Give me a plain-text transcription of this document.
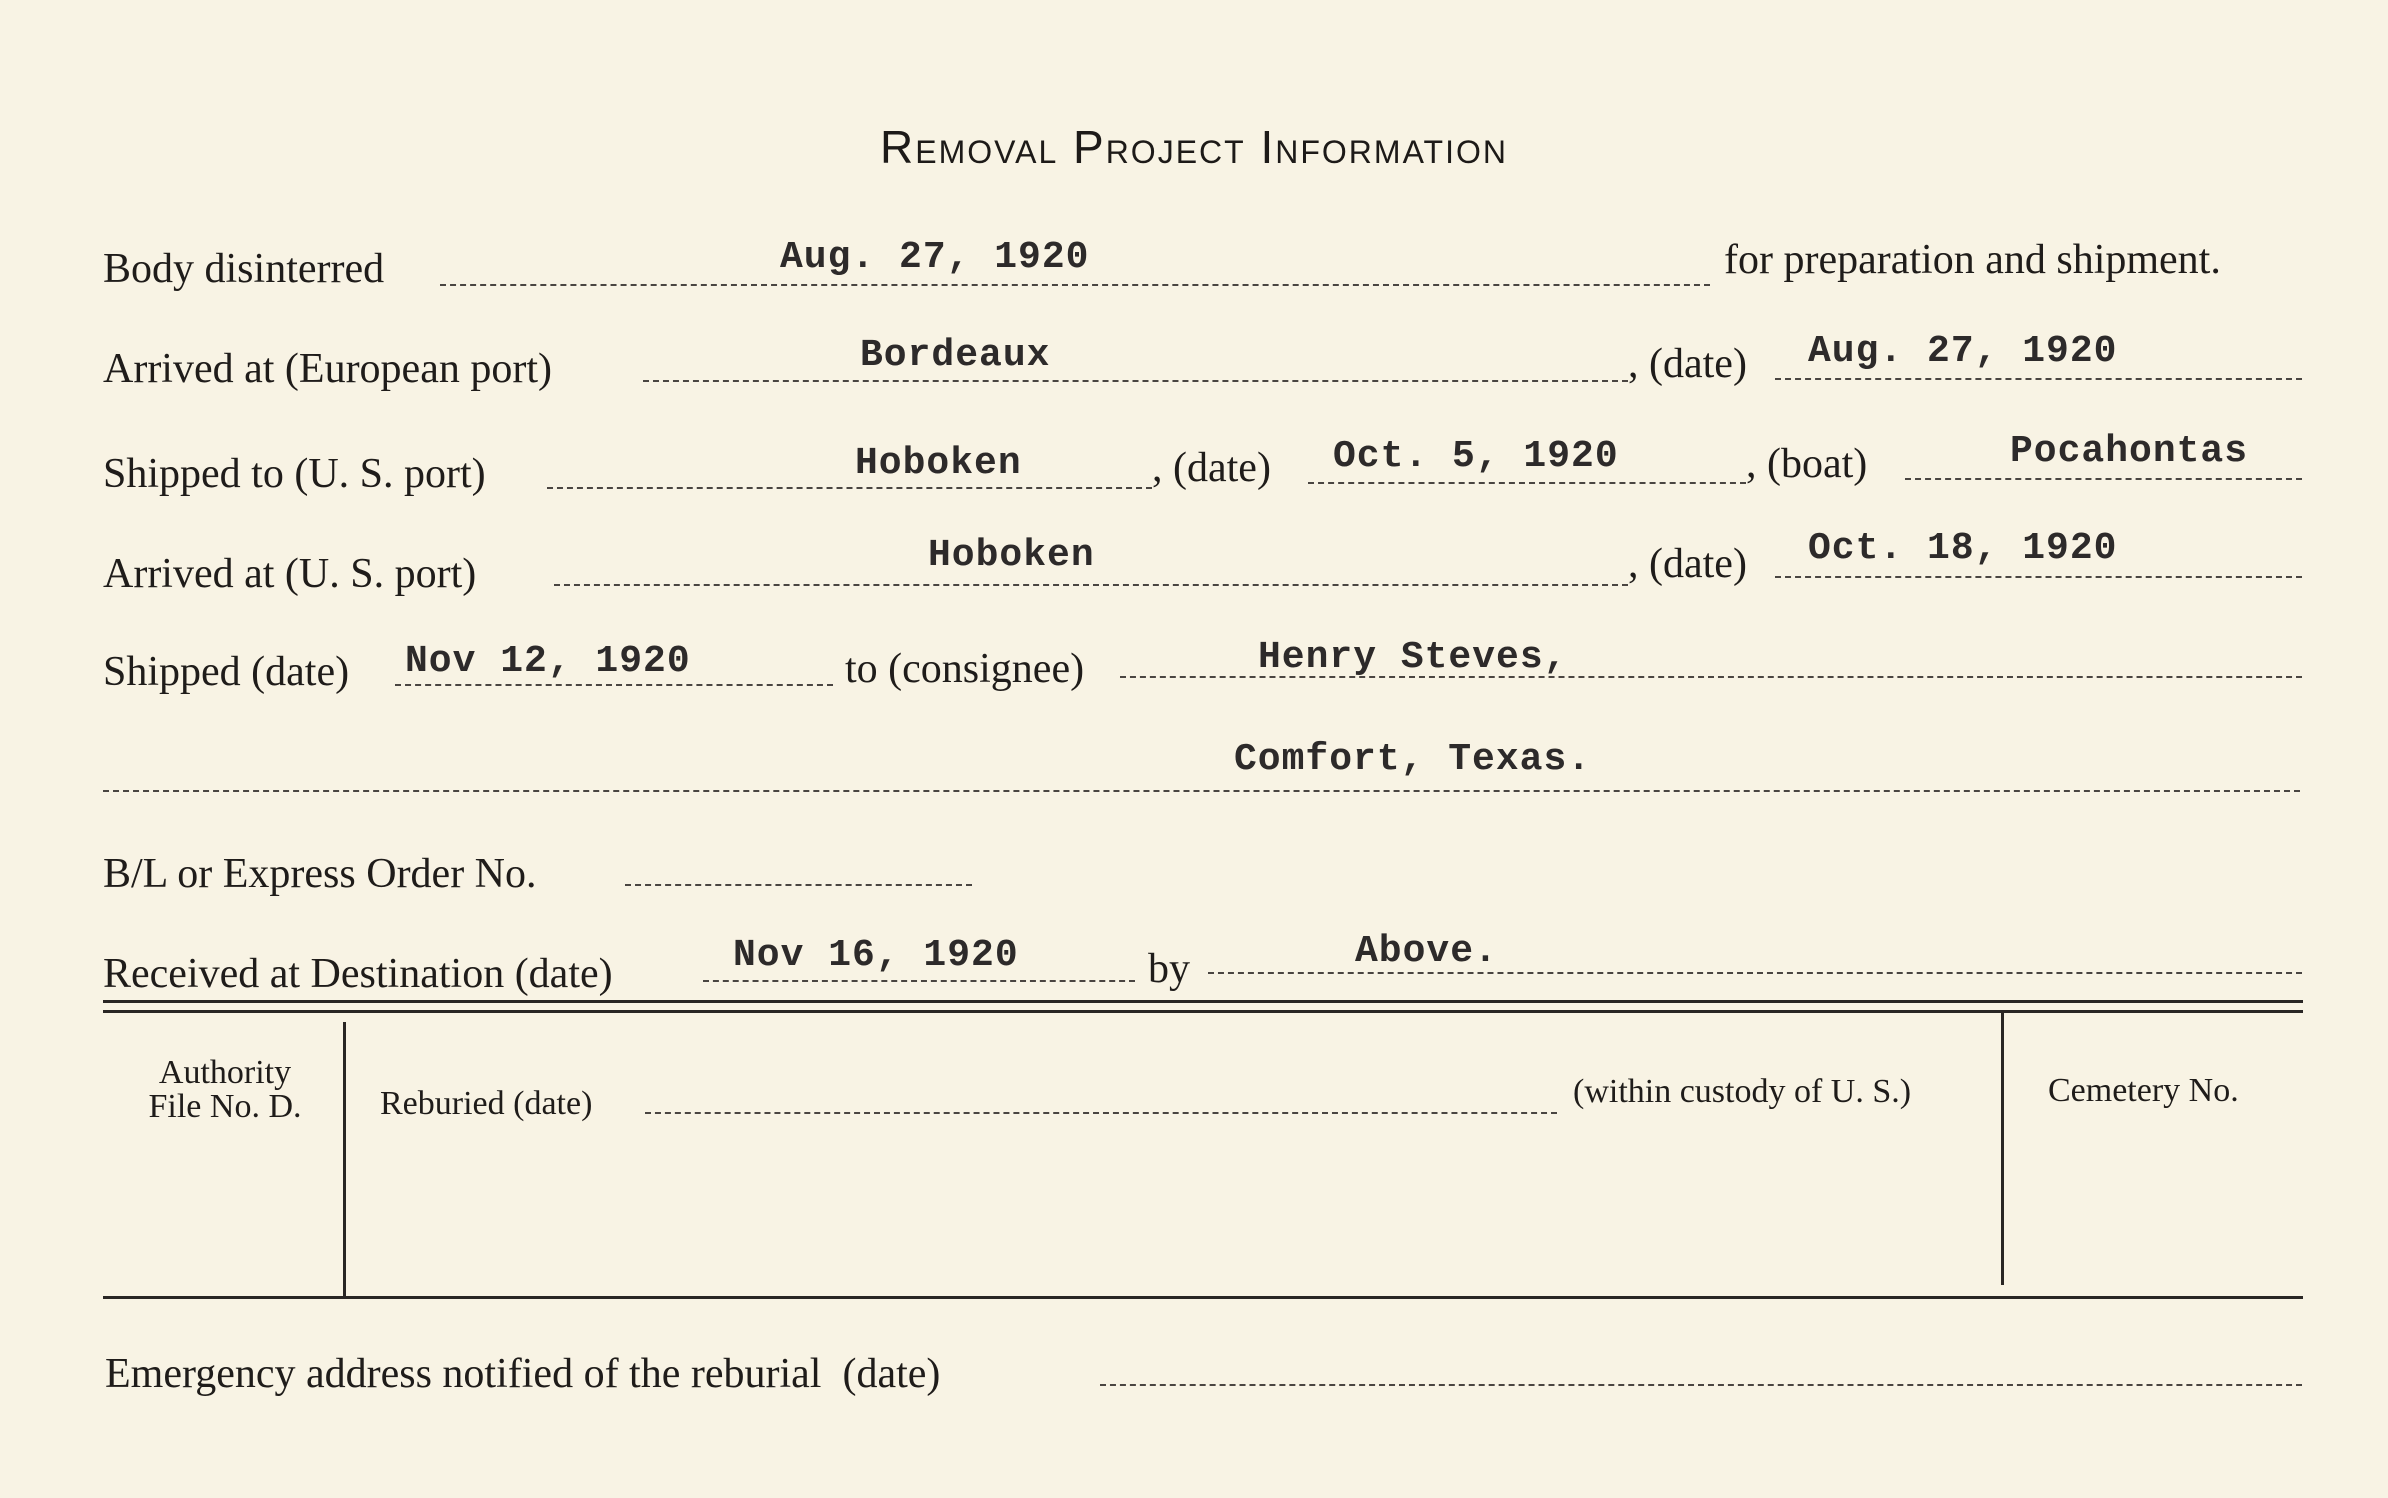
Removal Project Information
Body disinterred	Aug. 27, 1920	for preparation and shipment.
Arrived at (European port)	Bordeaux	, (date) Aug. 27, 1920
Shipped to (U. S. port)	Hoboken	, (date) Oct. 5, 1920	, (boat)	Pocahontas
Arrived at (U. S. port)	Hoboken	, (date) Oct. 18, 1920
Shipped (date) Nov 12, 1920	to (consignee)	Henry Steves,
Comfort, Texas.
B/L or Express Order No.
Received at Destination (date)	Nov 16, 1920	by	Above.
Authority
File No. D.	Reburied (date)	(within custody of U. S.)	Cemetery No.
Emergency address notified of the reburial  (date)
